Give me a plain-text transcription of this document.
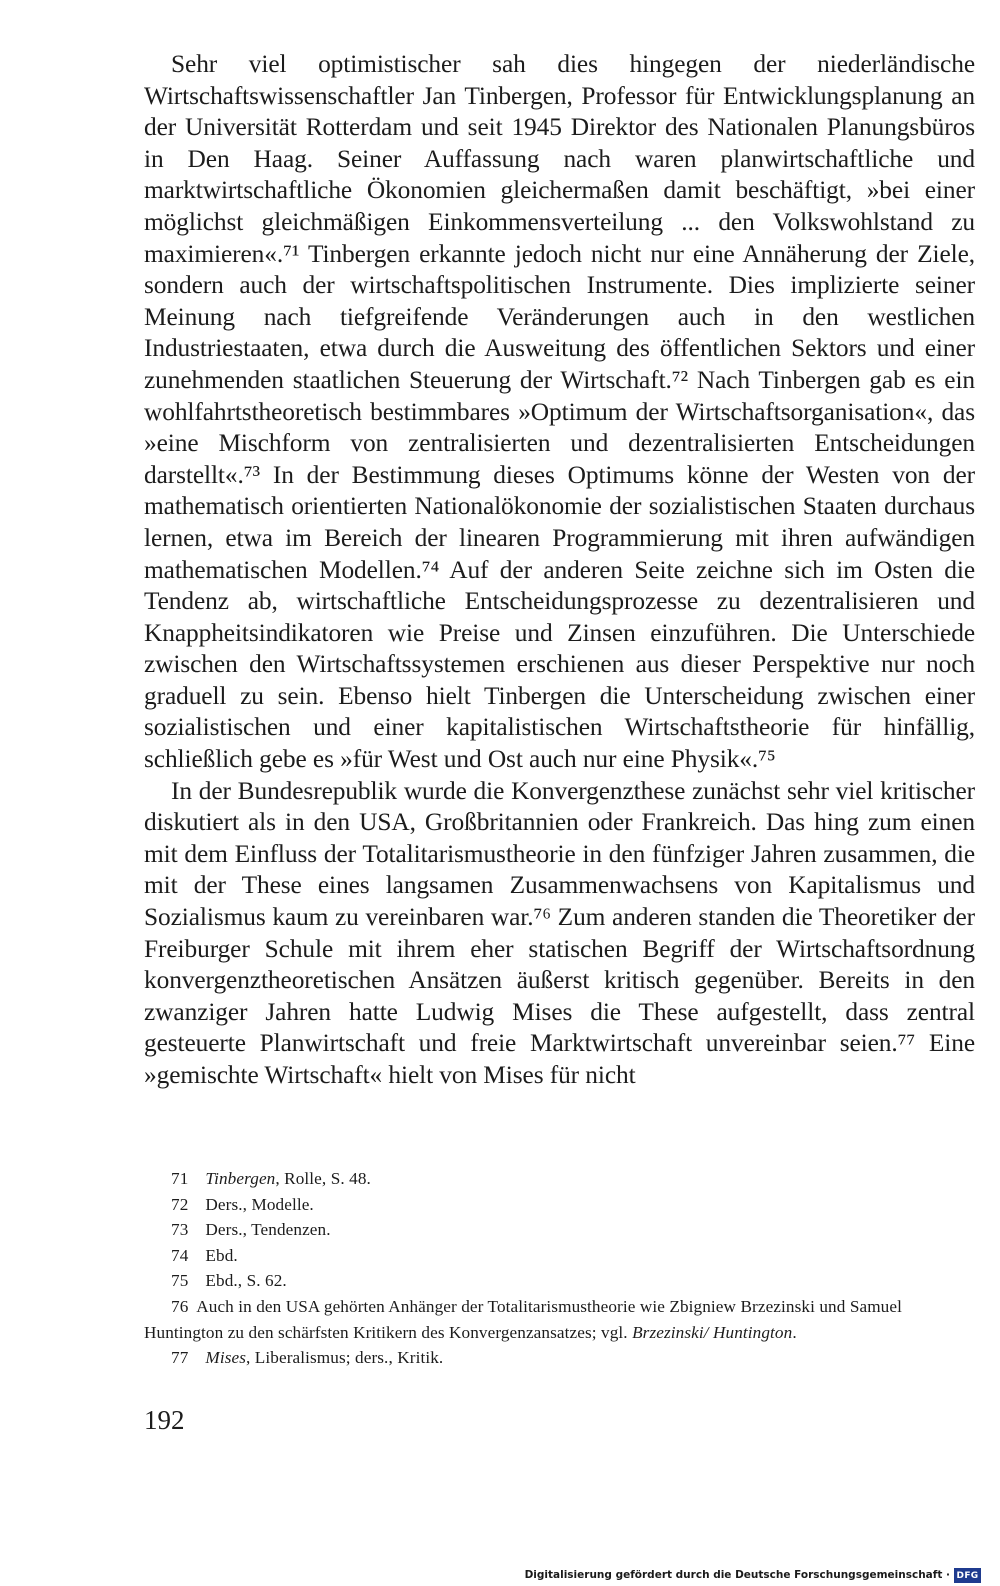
Sehr viel optimistischer sah dies hingegen der niederländische Wirtschaftswissenschaftler Jan Tinbergen, Professor für Entwicklungsplanung an der Universität Rotterdam und seit 1945 Direktor des Nationalen Planungsbüros in Den Haag. Seiner Auffassung nach waren planwirtschaftliche und marktwirtschaftliche Ökonomien gleichermaßen damit beschäftigt, »bei einer möglichst gleichmäßigen Einkommensverteilung ... den Volkswohlstand zu maximieren«.⁷¹ Tinbergen erkannte jedoch nicht nur eine Annäherung der Ziele, sondern auch der wirtschaftspolitischen Instrumente. Dies implizierte seiner Meinung nach tiefgreifende Veränderungen auch in den westlichen Industriestaaten, etwa durch die Ausweitung des öffentlichen Sektors und einer zunehmenden staatlichen Steuerung der Wirtschaft.⁷² Nach Tinbergen gab es ein wohlfahrtstheoretisch bestimmbares »Optimum der Wirtschaftsorganisation«, das »eine Mischform von zentralisierten und dezentralisierten Entscheidungen darstellt«.⁷³ In der Bestimmung dieses Optimums könne der Westen von der mathematisch orientierten Nationalökonomie der sozialistischen Staaten durchaus lernen, etwa im Bereich der linearen Programmierung mit ihren aufwändigen mathematischen Modellen.⁷⁴ Auf der anderen Seite zeichne sich im Osten die Tendenz ab, wirtschaftliche Entscheidungsprozesse zu dezentralisieren und Knappheitsindikatoren wie Preise und Zinsen einzuführen. Die Unterschiede zwischen den Wirtschaftssystemen erschienen aus dieser Perspektive nur noch graduell zu sein. Ebenso hielt Tinbergen die Unterscheidung zwischen einer sozialistischen und einer kapitalistischen Wirtschaftstheorie für hinfällig, schließlich gebe es »für West und Ost auch nur eine Physik«.⁷⁵

In der Bundesrepublik wurde die Konvergenzthese zunächst sehr viel kritischer diskutiert als in den USA, Großbritannien oder Frankreich. Das hing zum einen mit dem Einfluss der Totalitarismustheorie in den fünfziger Jahren zusammen, die mit der These eines langsamen Zusammenwachsens von Kapitalismus und Sozialismus kaum zu vereinbaren war.⁷⁶ Zum anderen standen die Theoretiker der Freiburger Schule mit ihrem eher statischen Begriff der Wirtschaftsordnung konvergenztheoretischen Ansätzen äußerst kritisch gegenüber. Bereits in den zwanziger Jahren hatte Ludwig Mises die These aufgestellt, dass zentral gesteuerte Planwirtschaft und freie Marktwirtschaft unvereinbar seien.⁷⁷ Eine »gemischte Wirtschaft« hielt von Mises für nicht

71 Tinbergen, Rolle, S. 48.

72 Ders., Modelle.

73 Ders., Tendenzen.

74 Ebd.

75 Ebd., S. 62.

76 Auch in den USA gehörten Anhänger der Totalitarismustheorie wie Zbigniew Brzezinski und Samuel Huntington zu den schärfsten Kritikern des Konvergenzansatzes; vgl. Brzezinski/ Huntington.

77 Mises, Liberalismus; ders., Kritik.

192
Digitalisierung gefördert durch die Deutsche Forschungsgemeinschaft · DFG
